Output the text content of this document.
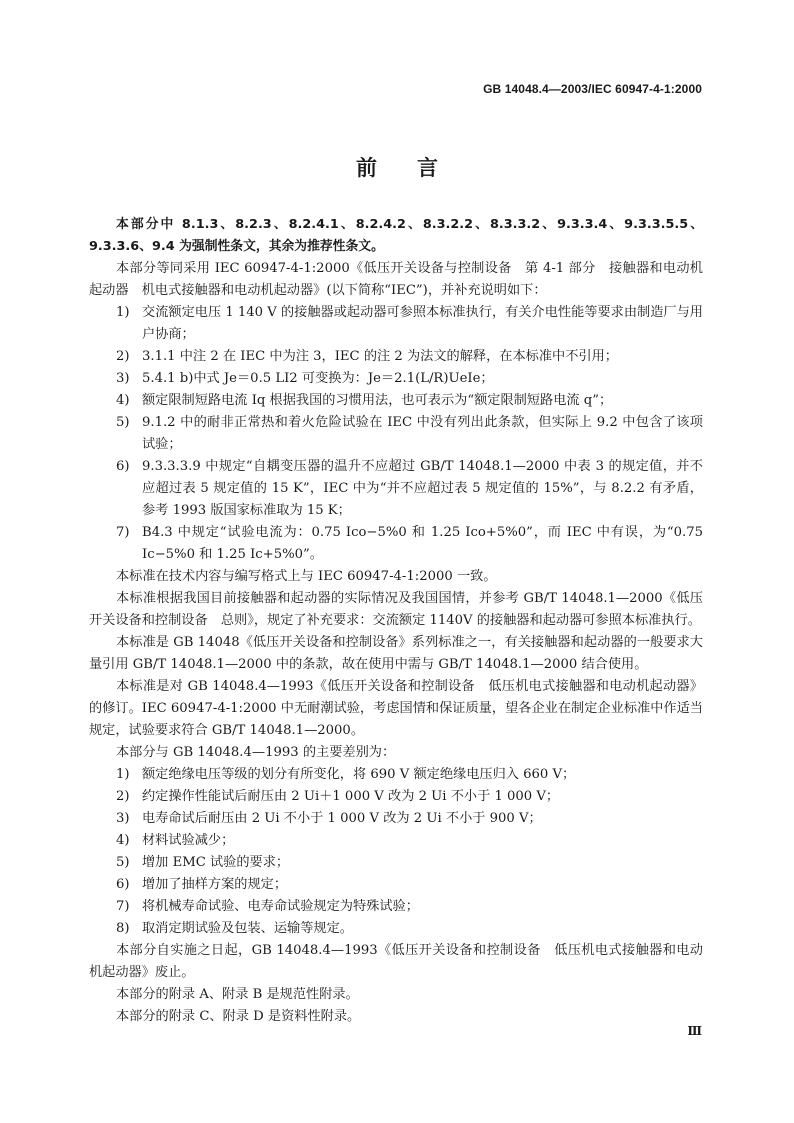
GB 14048.4—2003/IEC 60947-4-1:2000
前言

本部分中 8.1.3、8.2.3、8.2.4.1、8.2.4.2、8.3.2.2、8.3.3.2、9.3.3.4、9.3.3.5.5、9.3.3.6、9.4 为强制性条文，其余为推荐性条文。

本部分等同采用 IEC 60947-4-1:2000《低压开关设备与控制设备　第 4-1 部分　接触器和电动机起动器　机电式接触器和电动机起动器》(以下简称“IEC”)，并补充说明如下：

1) 交流额定电压 1 140 V 的接触器或起动器可参照本标准执行，有关介电性能等要求由制造厂与用户协商；
2) 3.1.1 中注 2 在 IEC 中为注 3，IEC 的注 2 为法文的解释，在本标准中不引用；
3) 5.4.1 b)中式 Je＝0.5 LI2 可变换为：Je＝2.1(L/R)UeIe；
4) 额定限制短路电流 Iq 根据我国的习惯用法，也可表示为“额定限制短路电流 q”；
5) 9.1.2 中的耐非正常热和着火危险试验在 IEC 中没有列出此条款，但实际上 9.2 中包含了该项试验；
6) 9.3.3.3.9 中规定“自耦变压器的温升不应超过 GB/T 14048.1—2000 中表 3 的规定值，并不应超过表 5 规定值的 15 K”，IEC 中为“并不应超过表 5 规定值的 15%”，与 8.2.2 有矛盾，参考 1993 版国家标准取为 15 K；
7) B4.3 中规定“试验电流为：0.75 Ico−5%0 和 1.25 Ico+5%0”，而 IEC 中有误，为“0.75 Ic−5%0 和 1.25 Ic+5%0”。

本标准在技术内容与编写格式上与 IEC 60947-4-1:2000 一致。

本标准根据我国目前接触器和起动器的实际情况及我国国情，并参考 GB/T 14048.1—2000《低压开关设备和控制设备　总则》，规定了补充要求：交流额定 1140V 的接触器和起动器可参照本标准执行。

本标准是 GB 14048《低压开关设备和控制设备》系列标准之一，有关接触器和起动器的一般要求大量引用 GB/T 14048.1—2000 中的条款，故在使用中需与 GB/T 14048.1—2000 结合使用。

本标准是对 GB 14048.4—1993《低压开关设备和控制设备　低压机电式接触器和电动机起动器》的修订。IEC 60947-4-1:2000 中无耐潮试验，考虑国情和保证质量，望各企业在制定企业标准中作适当规定，试验要求符合 GB/T 14048.1—2000。

本部分与 GB 14048.4—1993 的主要差别为：

1) 额定绝缘电压等级的划分有所变化，将 690 V 额定绝缘电压归入 660 V；
2) 约定操作性能试后耐压由 2 Ui＋1 000 V 改为 2 Ui 不小于 1 000 V；
3) 电寿命试后耐压由 2 Ui 不小于 1 000 V 改为 2 Ui 不小于 900 V；
4) 材料试验减少；
5) 增加 EMC 试验的要求；
6) 增加了抽样方案的规定；
7) 将机械寿命试验、电寿命试验规定为特殊试验；
8) 取消定期试验及包装、运输等规定。

本部分自实施之日起，GB 14048.4—1993《低压开关设备和控制设备　低压机电式接触器和电动机起动器》废止。

本部分的附录 A、附录 B 是规范性附录。

本部分的附录 C、附录 D 是资料性附录。

Ⅲ
